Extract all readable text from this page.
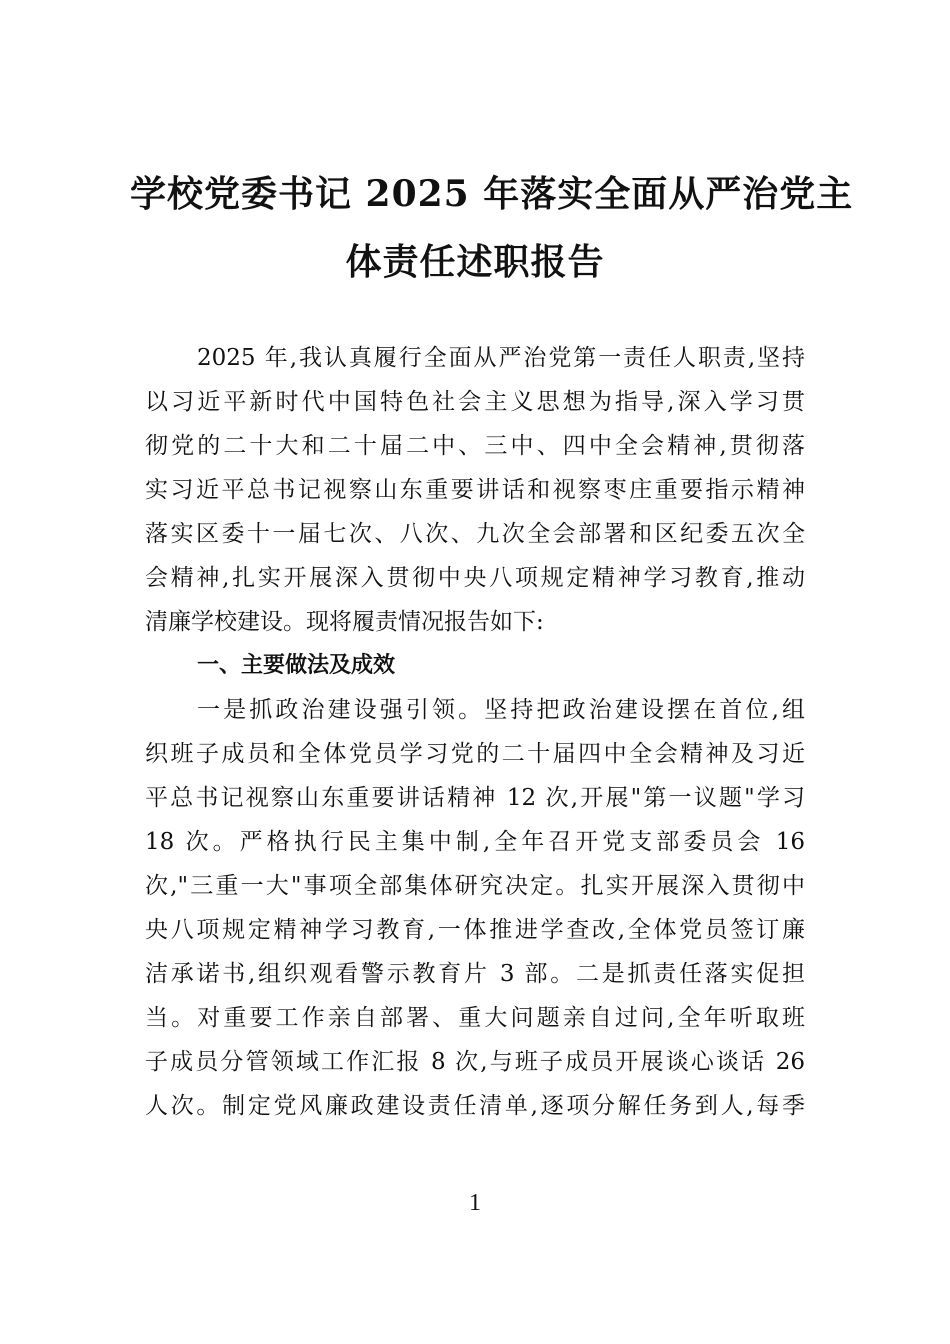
学校党委书记 2025 年落实全面从严治党主
体责任述职报告
2025 年,我认真履行全面从严治党第一责任人职责,坚持
以习近平新时代中国特色社会主义思想为指导,深入学习贯
彻党的二十大和二十届二中、三中、四中全会精神,贯彻落
实习近平总书记视察山东重要讲话和视察枣庄重要指示精神
落实区委十一届七次、八次、九次全会部署和区纪委五次全
会精神,扎实开展深入贯彻中央八项规定精神学习教育,推动
清廉学校建设。现将履责情况报告如下:
一、主要做法及成效
一是抓政治建设强引领。坚持把政治建设摆在首位,组
织班子成员和全体党员学习党的二十届四中全会精神及习近
平总书记视察山东重要讲话精神 12 次,开展"第一议题"学习
18 次。严格执行民主集中制,全年召开党支部委员会 16
次,"三重一大"事项全部集体研究决定。扎实开展深入贯彻中
央八项规定精神学习教育,一体推进学查改,全体党员签订廉
洁承诺书,组织观看警示教育片 3 部。二是抓责任落实促担
当。对重要工作亲自部署、重大问题亲自过问,全年听取班
子成员分管领域工作汇报 8 次,与班子成员开展谈心谈话 26
人次。制定党风廉政建设责任清单,逐项分解任务到人,每季
1
